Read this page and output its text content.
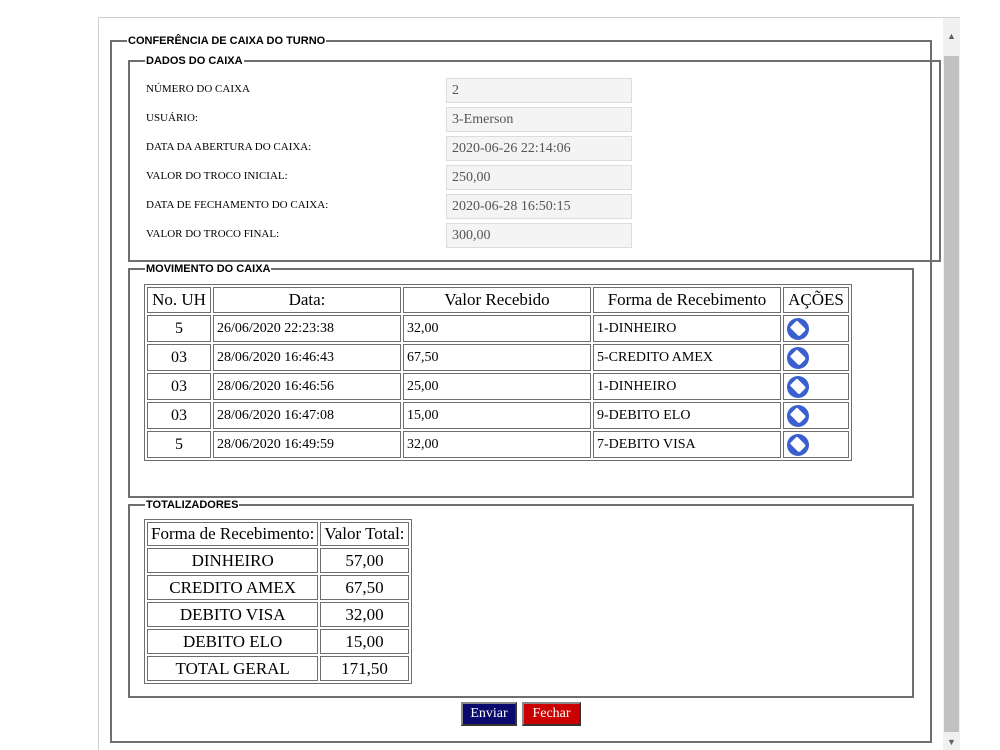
▲
▼
CONFERÊNCIA DE CAIXA DO TURNO
DADOS DO CAIXA
NÚMERO DO CAIXA
2
USUÁRIO:
3-Emerson
DATA DA ABERTURA DO CAIXA:
2020-06-26 22:14:06
VALOR DO TROCO INICIAL:
250,00
DATA DE FECHAMENTO DO CAIXA:
2020-06-28 16:50:15
VALOR DO TROCO FINAL:
300,00
MOVIMENTO DO CAIXA
No. UH	Data:	Valor Recebido	Forma de Recebimento	AÇÕES
5	26/06/2020 22:23:38	32,00	1-DINHEIRO	
03	28/06/2020 16:46:43	67,50	5-CREDITO AMEX	
03	28/06/2020 16:46:56	25,00	1-DINHEIRO	
03	28/06/2020 16:47:08	15,00	9-DEBITO ELO	
5	28/06/2020 16:49:59	32,00	7-DEBITO VISA	
TOTALIZADORES
Forma de Recebimento:	Valor Total:
DINHEIRO	57,00
CREDITO AMEX	67,50
DEBITO VISA	32,00
DEBITO ELO	15,00
TOTAL GERAL	171,50
Enviar	Fechar
